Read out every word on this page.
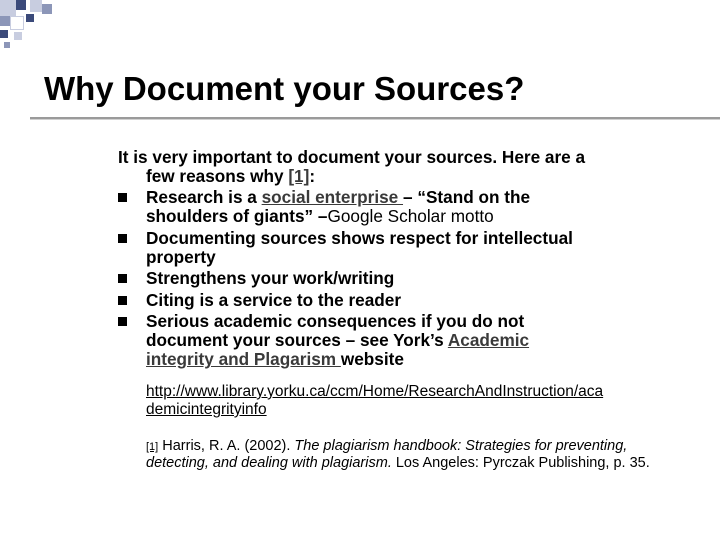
Why Document your Sources?
It is very important to document your sources. Here are a
few reasons why [1]:
Research is a social enterprise – “Stand on the
shoulders of giants” –Google Scholar motto
Documenting sources shows respect for intellectual
property
Strengthens your work/writing
Citing is a service to the reader
Serious academic consequences if you do not
document your sources – see York’s Academic
integrity and Plagarism website
http://www.library.yorku.ca/ccm/Home/ResearchAndInstruction/aca
demicintegrityinfo
[1] Harris, R. A. (2002). The plagiarism handbook: Strategies for preventing, detecting, and dealing with plagiarism. Los Angeles: Pyrczak Publishing, p. 35.
